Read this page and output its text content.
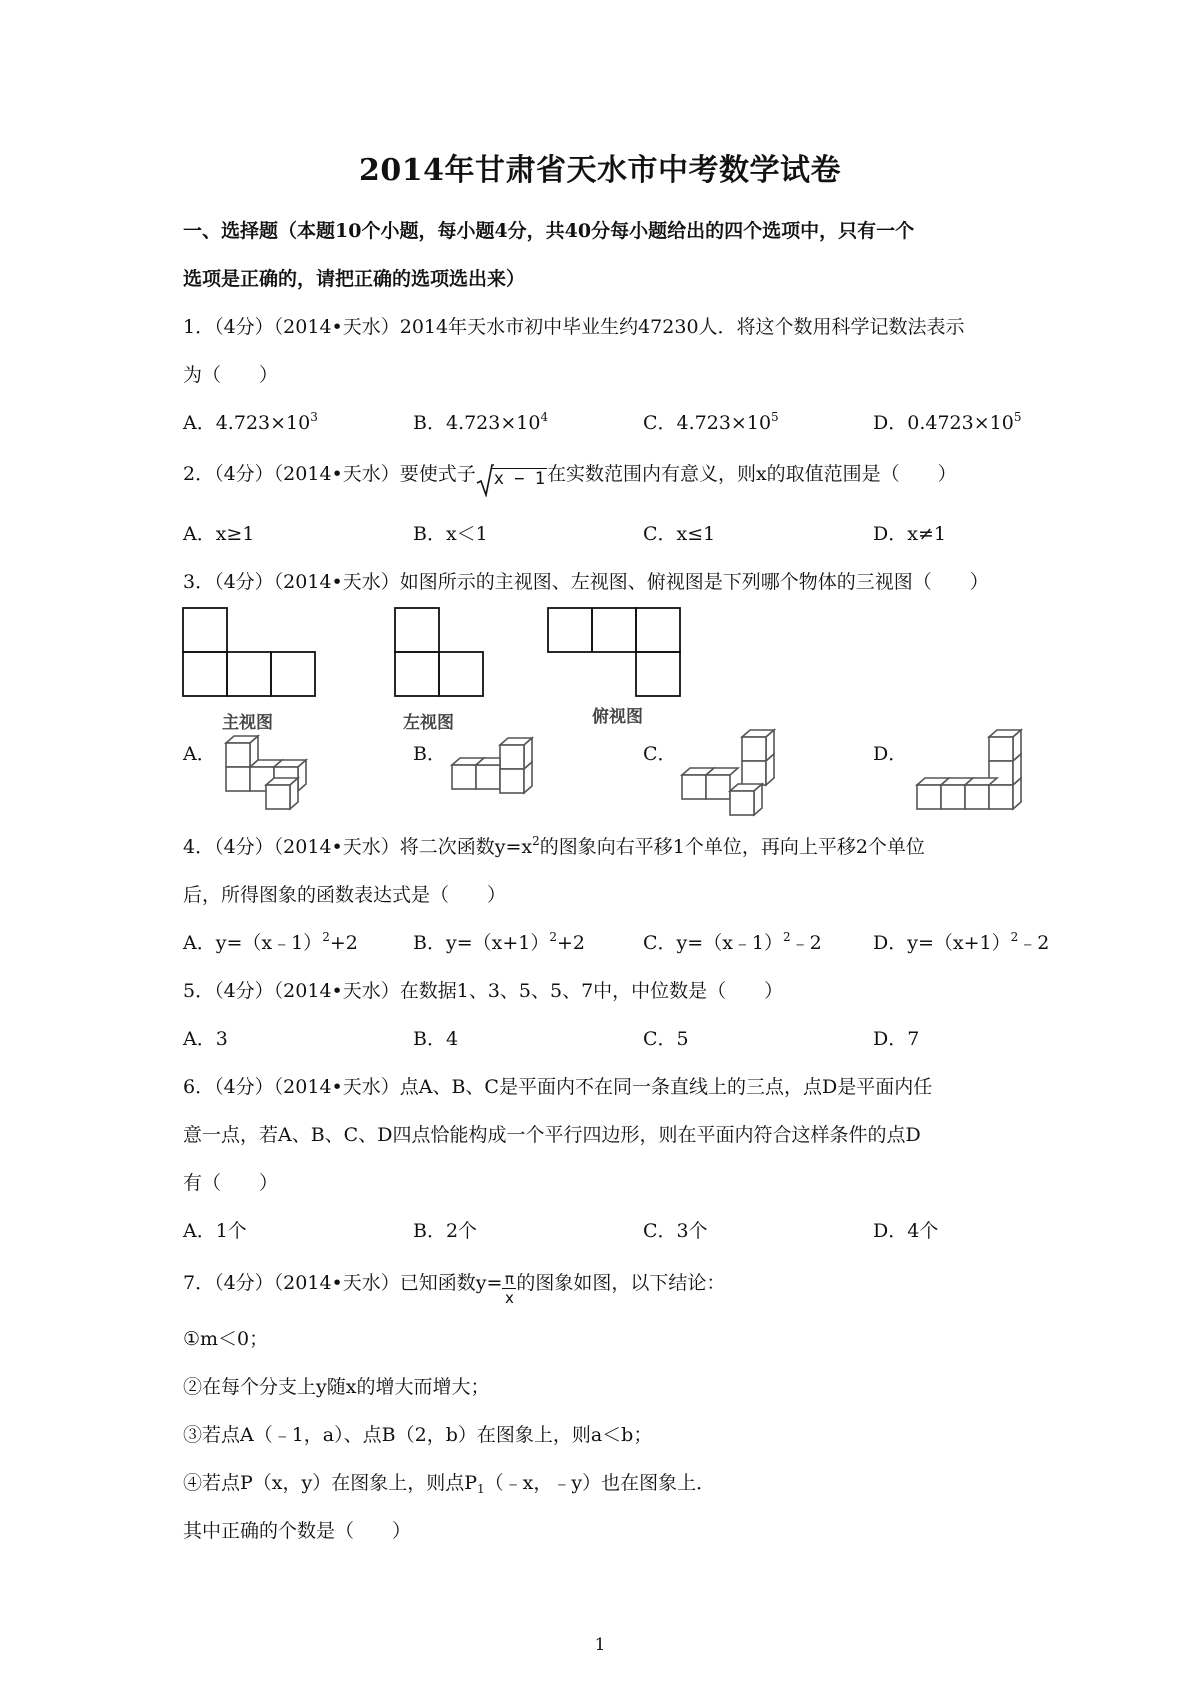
2014年甘肃省天水市中考数学试卷
一、选择题（本题10个小题，每小题4分，共40分每小题给出的四个选项中，只有一个
选项是正确的，请把正确的选项选出来）
1．（4分）（2014•天水）2014年天水市初中毕业生约47230人．将这个数用科学记数法表示
为（　　）
A．$4.723\times 10^3$	B．$4.723\times 10^4$	C．$4.723\times 10^5$	D．$0.4723\times 10^5$
2．（4分）（2014•天水）要使式子 x − 1 在实数范围内有意义，则x的取值范围是（　　）
A．x≥1	B．x＜1	C．x≤1	D．x≠1
3．（4分）（2014•天水）如图所示的主视图、左视图、俯视图是下列哪个物体的三视图（　　）
主视图	左视图	俯视图
A．	B．	C．	D．
4．（4分）（2014•天水）将二次函数$y=x^2$的图象向右平移1个单位，再向上平移2个单位
后，所得图象的函数表达式是（　　）
A．y=（x﹣1）$^2$+2	B．$y=(x+1)^2+2$	C．y=（x﹣1）$^2$﹣2	D．$y=(x+1)^2﹣2$
5．（4分）（2014•天水）在数据1、3、5、5、7中，中位数是（　　）
A．3	B．4	C．5	D．7
6．（4分）（2014•天水）点A、B、C是平面内不在同一条直线上的三点，点D是平面内任
意一点，若A、B、C、D四点恰能构成一个平行四边形，则在平面内符合这样条件的点D
有（　　）
A．1个	B．2个	C．3个	D．4个
7．（4分）（2014•天水）已知函数$y= \frac{\pi}{x}$ 的图象如图，以下结论：
①m＜0；
②在每个分支上y随x的增大而增大；
③若点A（﹣1，a）、点B（2，b）在图象上，则a＜b；
④若点P（x，y）在图象上，则点$P_1(﹣x$，﹣y）也在图象上．
其中正确的个数是（　　）
1
